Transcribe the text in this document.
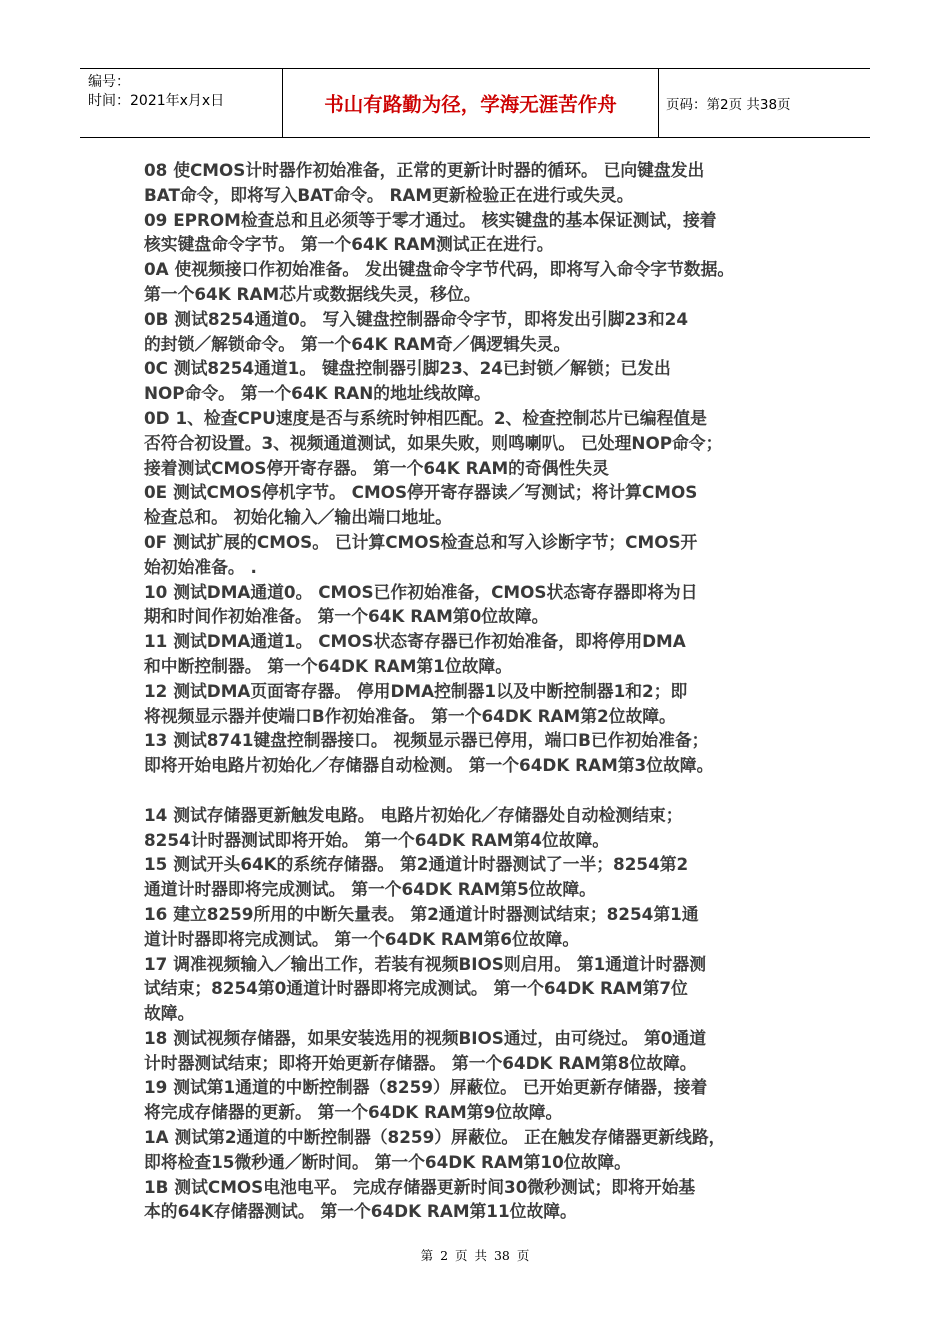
编号：
时间：2021年x月x日	书山有路勤为径，学海无涯苦作舟	页码：第2页 共38页
08 使CMOS计时器作初始准备，正常的更新计时器的循环。 已向键盘发出
BAT命令，即将写入BAT命令。 RAM更新检验正在进行或失灵。
09 EPROM检查总和且必须等于零才通过。 核实键盘的基本保证测试，接着
核实键盘命令字节。 第一个64K RAM测试正在进行。
0A 使视频接口作初始准备。 发出键盘命令字节代码，即将写入命令字节数据。
第一个64K RAM芯片或数据线失灵，移位。
0B 测试8254通道0。 写入键盘控制器命令字节，即将发出引脚23和24
的封锁／解锁命令。 第一个64K RAM奇／偶逻辑失灵。
0C 测试8254通道1。 键盘控制器引脚23、24已封锁／解锁；已发出
NOP命令。 第一个64K RAN的地址线故障。
0D 1、检查CPU速度是否与系统时钟相匹配。2、检查控制芯片已编程值是
否符合初设置。3、视频通道测试，如果失败，则鸣喇叭。 已处理NOP命令；
接着测试CMOS停开寄存器。 第一个64K RAM的奇偶性失灵
0E 测试CMOS停机字节。 CMOS停开寄存器读／写测试；将计算CMOS
检查总和。 初始化输入／输出端口地址。
0F 测试扩展的CMOS。 已计算CMOS检查总和写入诊断字节；CMOS开
始初始准备。 .
10 测试DMA通道0。 CMOS已作初始准备，CMOS状态寄存器即将为日
期和时间作初始准备。 第一个64K RAM第0位故障。
11 测试DMA通道1。 CMOS状态寄存器已作初始准备，即将停用DMA
和中断控制器。 第一个64DK RAM第1位故障。
12 测试DMA页面寄存器。 停用DMA控制器1以及中断控制器1和2；即
将视频显示器并使端口B作初始准备。 第一个64DK RAM第2位故障。
13 测试8741键盘控制器接口。 视频显示器已停用，端口B已作初始准备；
即将开始电路片初始化／存储器自动检测。 第一个64DK RAM第3位故障。
14 测试存储器更新触发电路。 电路片初始化／存储器处自动检测结束；
8254计时器测试即将开始。 第一个64DK RAM第4位故障。
15 测试开头64K的系统存储器。 第2通道计时器测试了一半；8254第2
通道计时器即将完成测试。 第一个64DK RAM第5位故障。
16 建立8259所用的中断矢量表。 第2通道计时器测试结束；8254第1通
道计时器即将完成测试。 第一个64DK RAM第6位故障。
17 调准视频输入／输出工作，若装有视频BIOS则启用。 第1通道计时器测
试结束；8254第0通道计时器即将完成测试。 第一个64DK RAM第7位
故障。
18 测试视频存储器，如果安装选用的视频BIOS通过，由可绕过。 第0通道
计时器测试结束；即将开始更新存储器。 第一个64DK RAM第8位故障。
19 测试第1通道的中断控制器（8259）屏蔽位。 已开始更新存储器，接着
将完成存储器的更新。 第一个64DK RAM第9位故障。
1A 测试第2通道的中断控制器（8259）屏蔽位。 正在触发存储器更新线路，
即将检查15微秒通／断时间。 第一个64DK RAM第10位故障。
1B 测试CMOS电池电平。 完成存储器更新时间30微秒测试；即将开始基
本的64K存储器测试。 第一个64DK RAM第11位故障。
第 2 页 共 38 页
